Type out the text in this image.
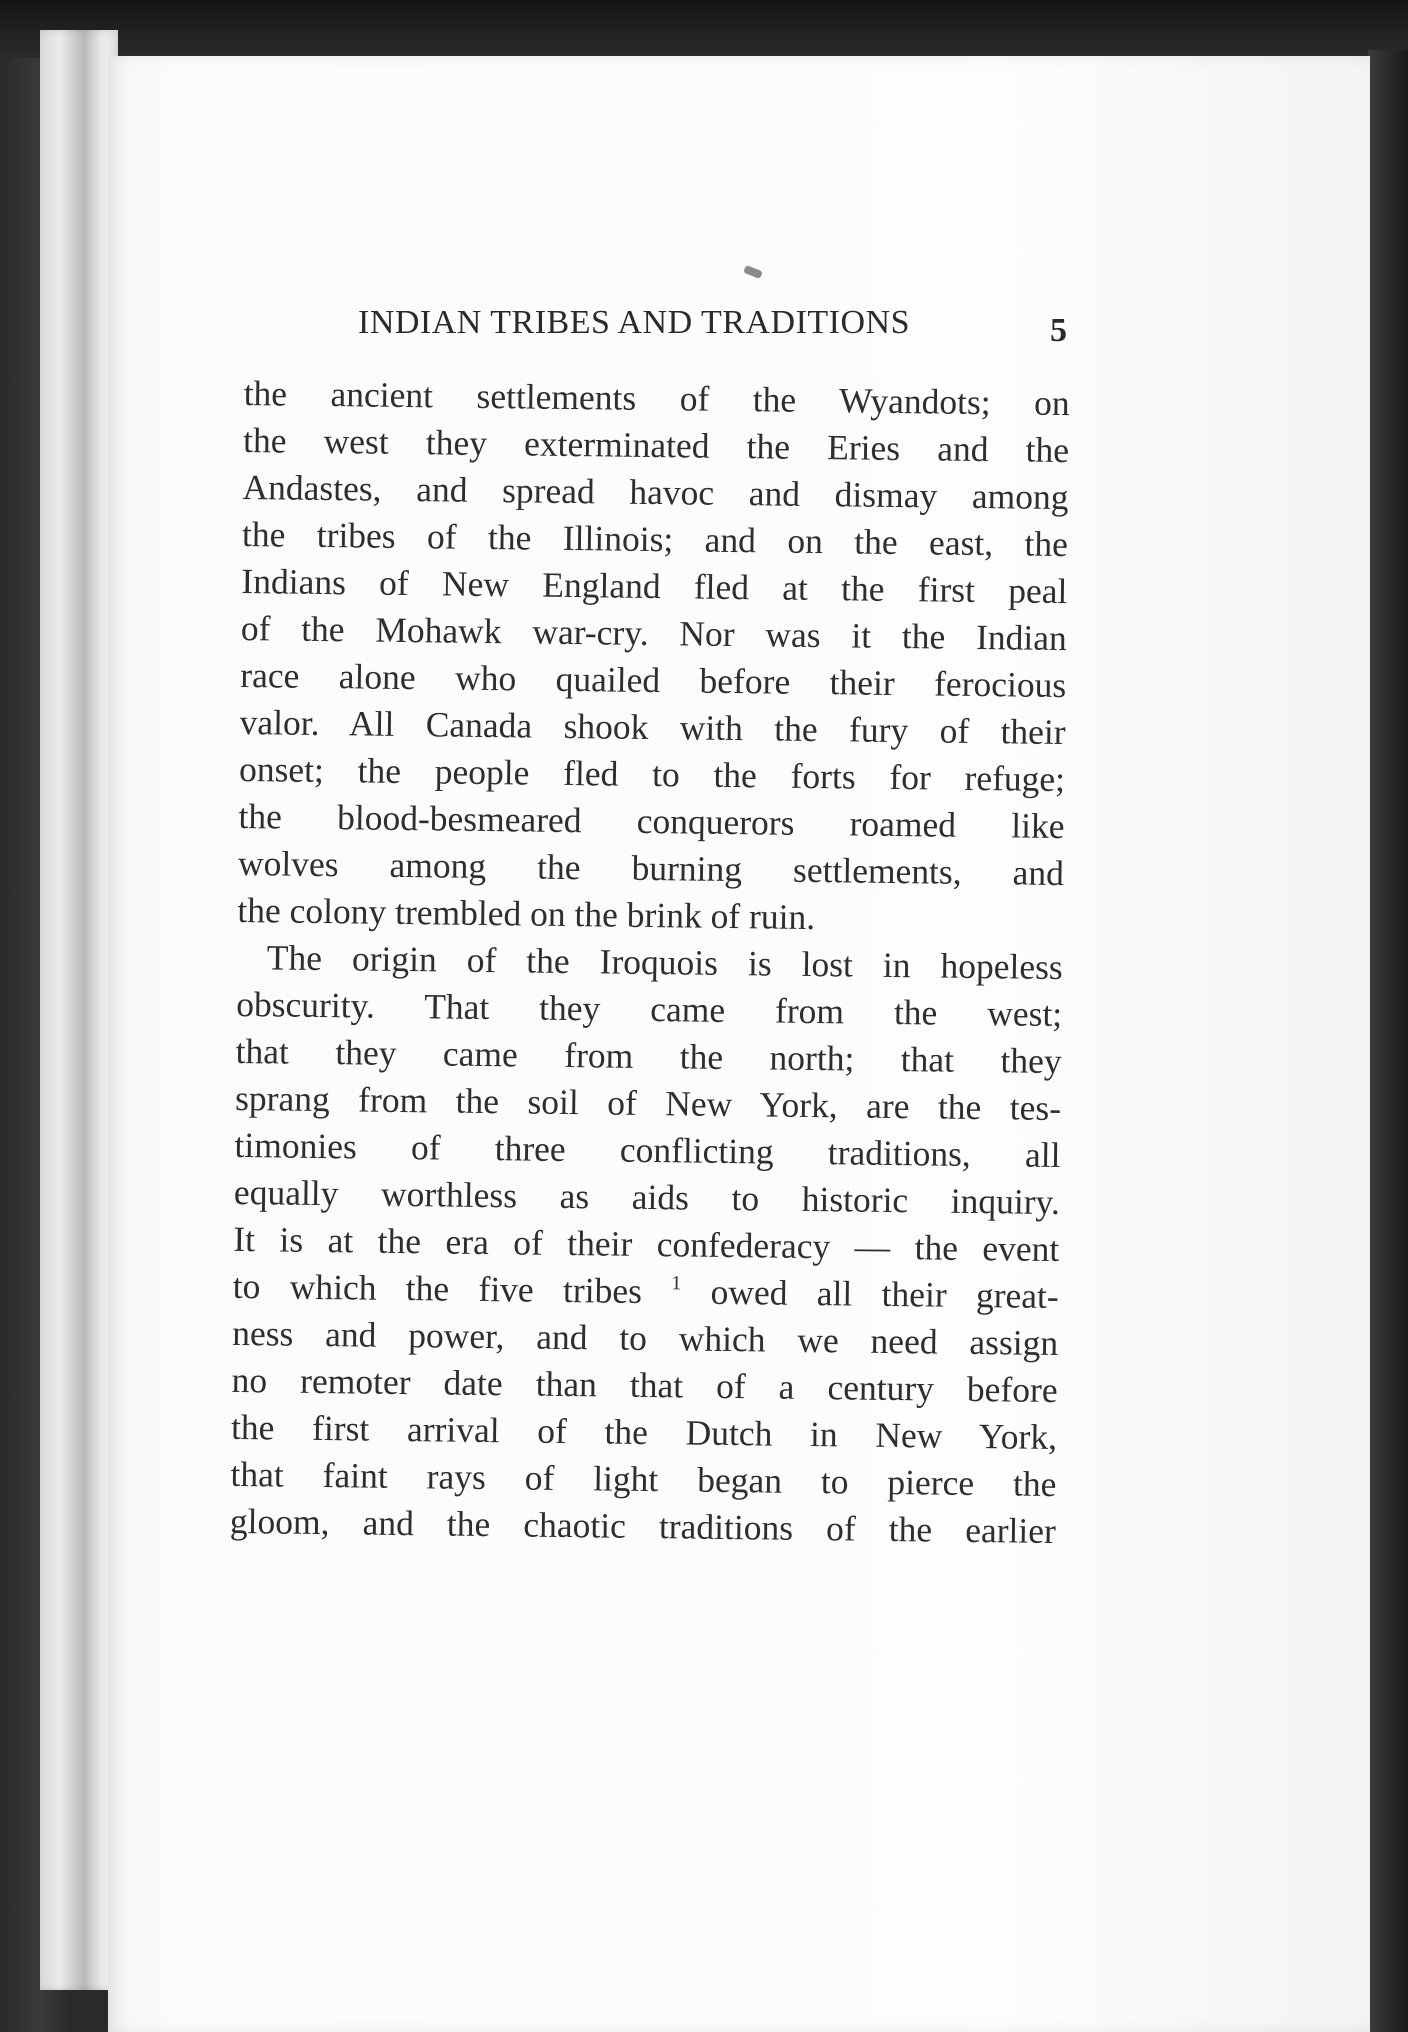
INDIAN TRIBES AND TRADITIONS	5
the ancient settlements of the Wyandots; on
the west they exterminated the Eries and the
Andastes, and spread havoc and dismay among
the tribes of the Illinois; and on the east, the
Indians of New England fled at the first peal
of the Mohawk war-cry. Nor was it the Indian
race alone who quailed before their ferocious
valor. All Canada shook with the fury of their
onset; the people fled to the forts for refuge;
the blood-besmeared conquerors roamed like
wolves among the burning settlements, and
the colony trembled on the brink of ruin.
The origin of the Iroquois is lost in hopeless
obscurity. That they came from the west;
that they came from the north; that they
sprang from the soil of New York, are the tes-
timonies of three conflicting traditions, all
equally worthless as aids to historic inquiry.
It is at the era of their confederacy — the event
to which the five tribes $^1$ owed all their great-
ness and power, and to which we need assign
no remoter date than that of a century before
the first arrival of the Dutch in New York,
that faint rays of light began to pierce the
gloom, and the chaotic traditions of the earlier
